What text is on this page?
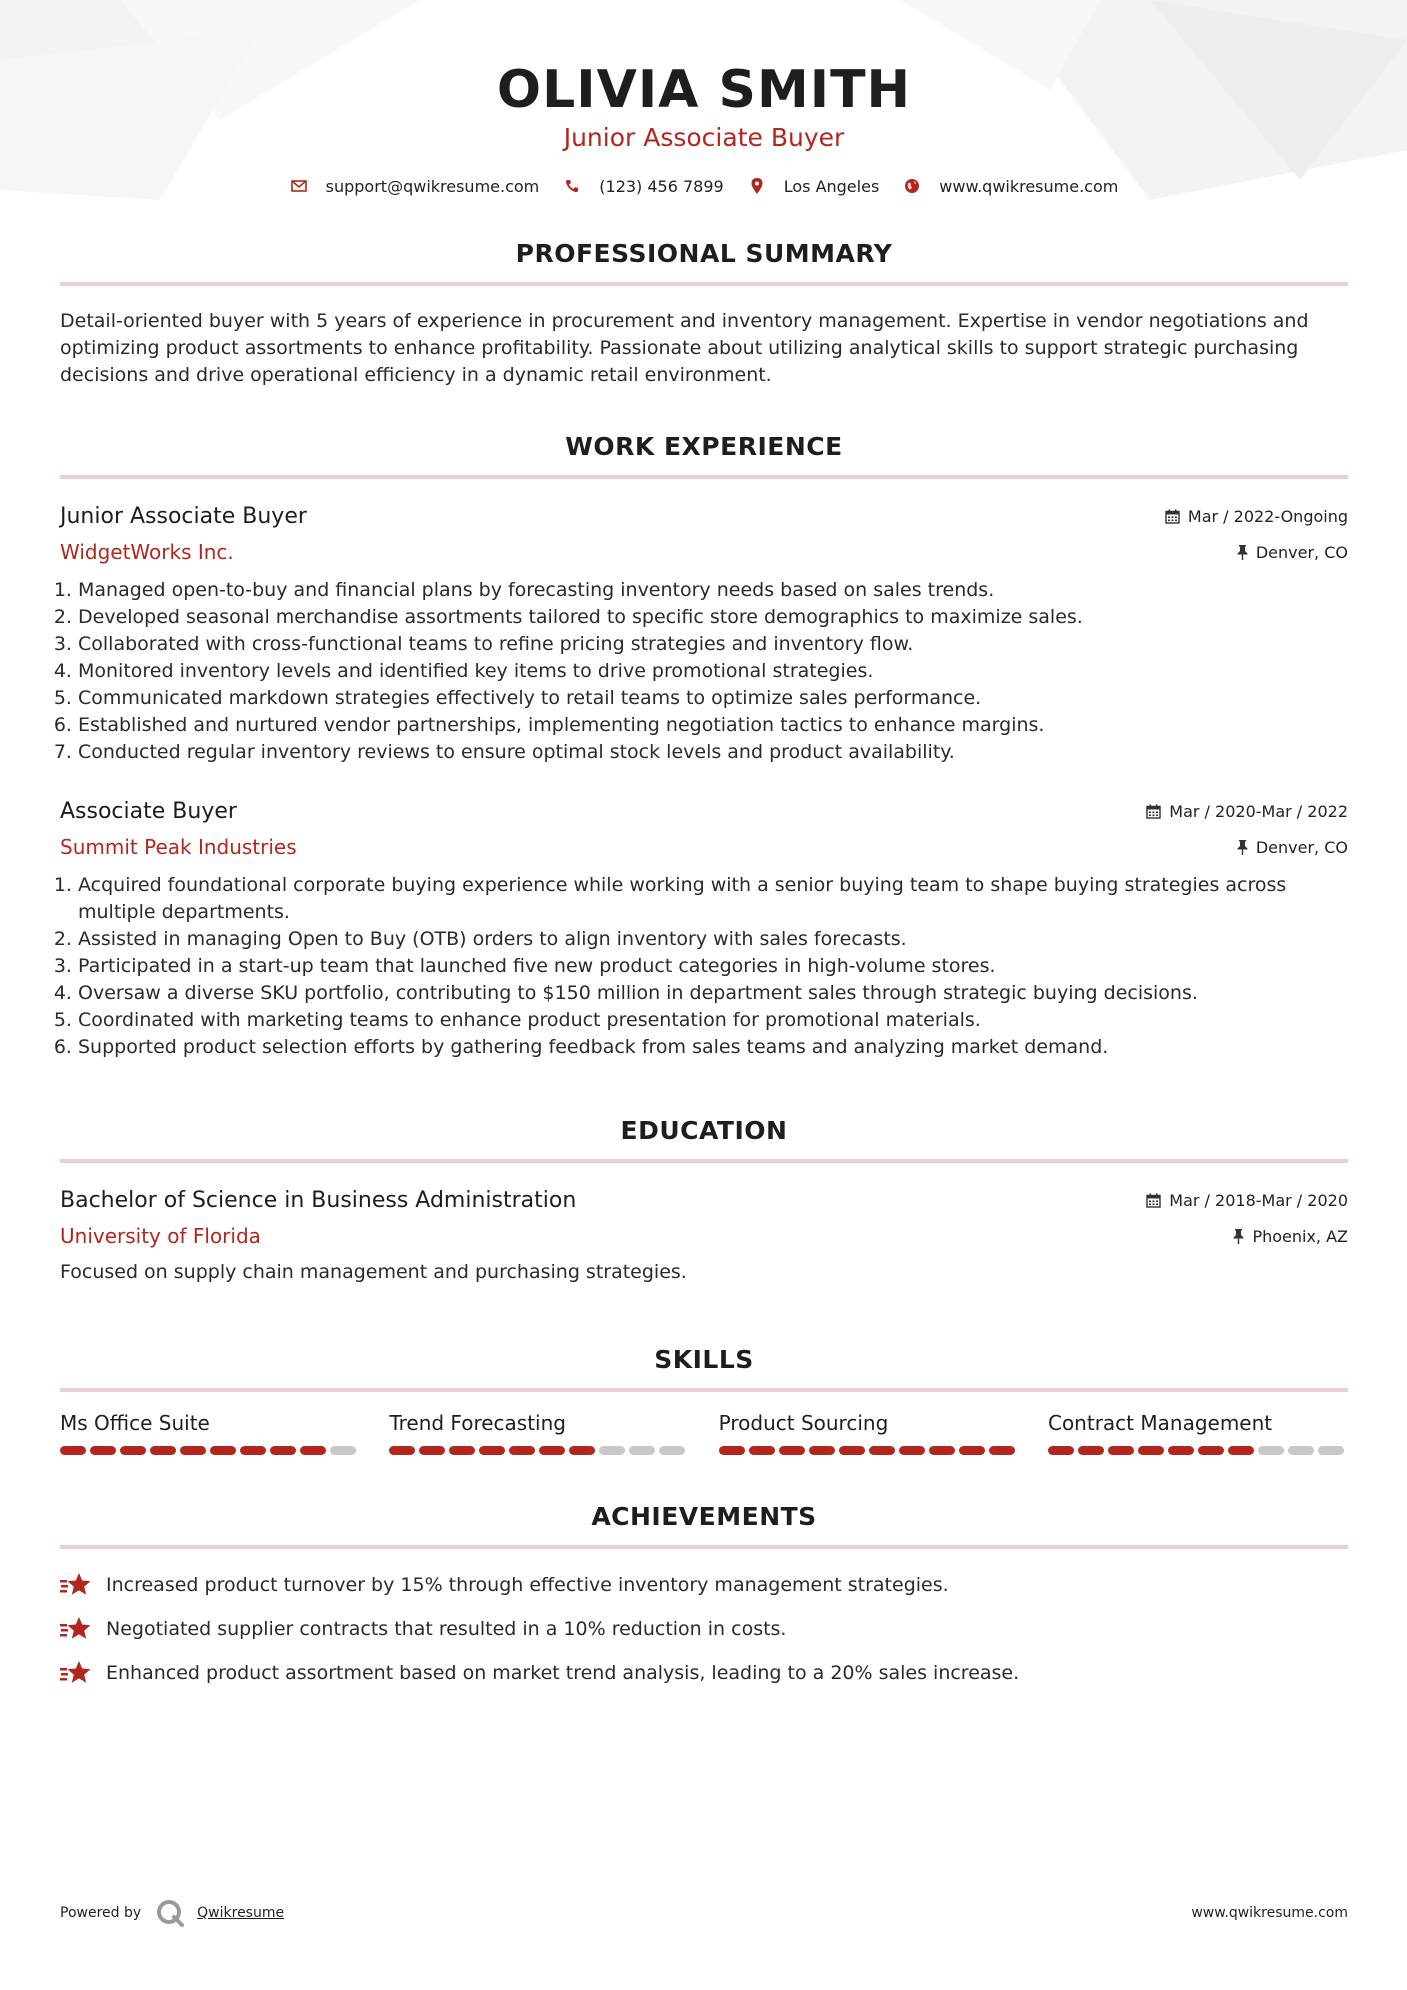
OLIVIA SMITH
Junior Associate Buyer
support@qwikresume.com	(123) 456 7899	Los Angeles	www.qwikresume.com
PROFESSIONAL SUMMARY
Detail-oriented buyer with 5 years of experience in procurement and inventory management. Expertise in vendor negotiations and optimizing product assortments to enhance profitability. Passionate about utilizing analytical skills to support strategic purchasing decisions and drive operational efficiency in a dynamic retail environment.
WORK EXPERIENCE
Junior Associate Buyer	Mar / 2022-Ongoing
WidgetWorks Inc.	Denver, CO
1. Managed open-to-buy and financial plans by forecasting inventory needs based on sales trends.
2. Developed seasonal merchandise assortments tailored to specific store demographics to maximize sales.
3. Collaborated with cross-functional teams to refine pricing strategies and inventory flow.
4. Monitored inventory levels and identified key items to drive promotional strategies.
5. Communicated markdown strategies effectively to retail teams to optimize sales performance.
6. Established and nurtured vendor partnerships, implementing negotiation tactics to enhance margins.
7. Conducted regular inventory reviews to ensure optimal stock levels and product availability.
Associate Buyer	Mar / 2020-Mar / 2022
Summit Peak Industries	Denver, CO
1. Acquired foundational corporate buying experience while working with a senior buying team to shape buying strategies across multiple departments.
2. Assisted in managing Open to Buy (OTB) orders to align inventory with sales forecasts.
3. Participated in a start-up team that launched five new product categories in high-volume stores.
4. Oversaw a diverse SKU portfolio, contributing to $150 million in department sales through strategic buying decisions.
5. Coordinated with marketing teams to enhance product presentation for promotional materials.
6. Supported product selection efforts by gathering feedback from sales teams and analyzing market demand.
EDUCATION
Bachelor of Science in Business Administration	Mar / 2018-Mar / 2020
University of Florida	Phoenix, AZ
Focused on supply chain management and purchasing strategies.
SKILLS
Ms Office Suite	Trend Forecasting	Product Sourcing	Contract Management
ACHIEVEMENTS
Increased product turnover by 15% through effective inventory management strategies.
Negotiated supplier contracts that resulted in a 10% reduction in costs.
Enhanced product assortment based on market trend analysis, leading to a 20% sales increase.
Powered by	Qwikresume	www.qwikresume.com
